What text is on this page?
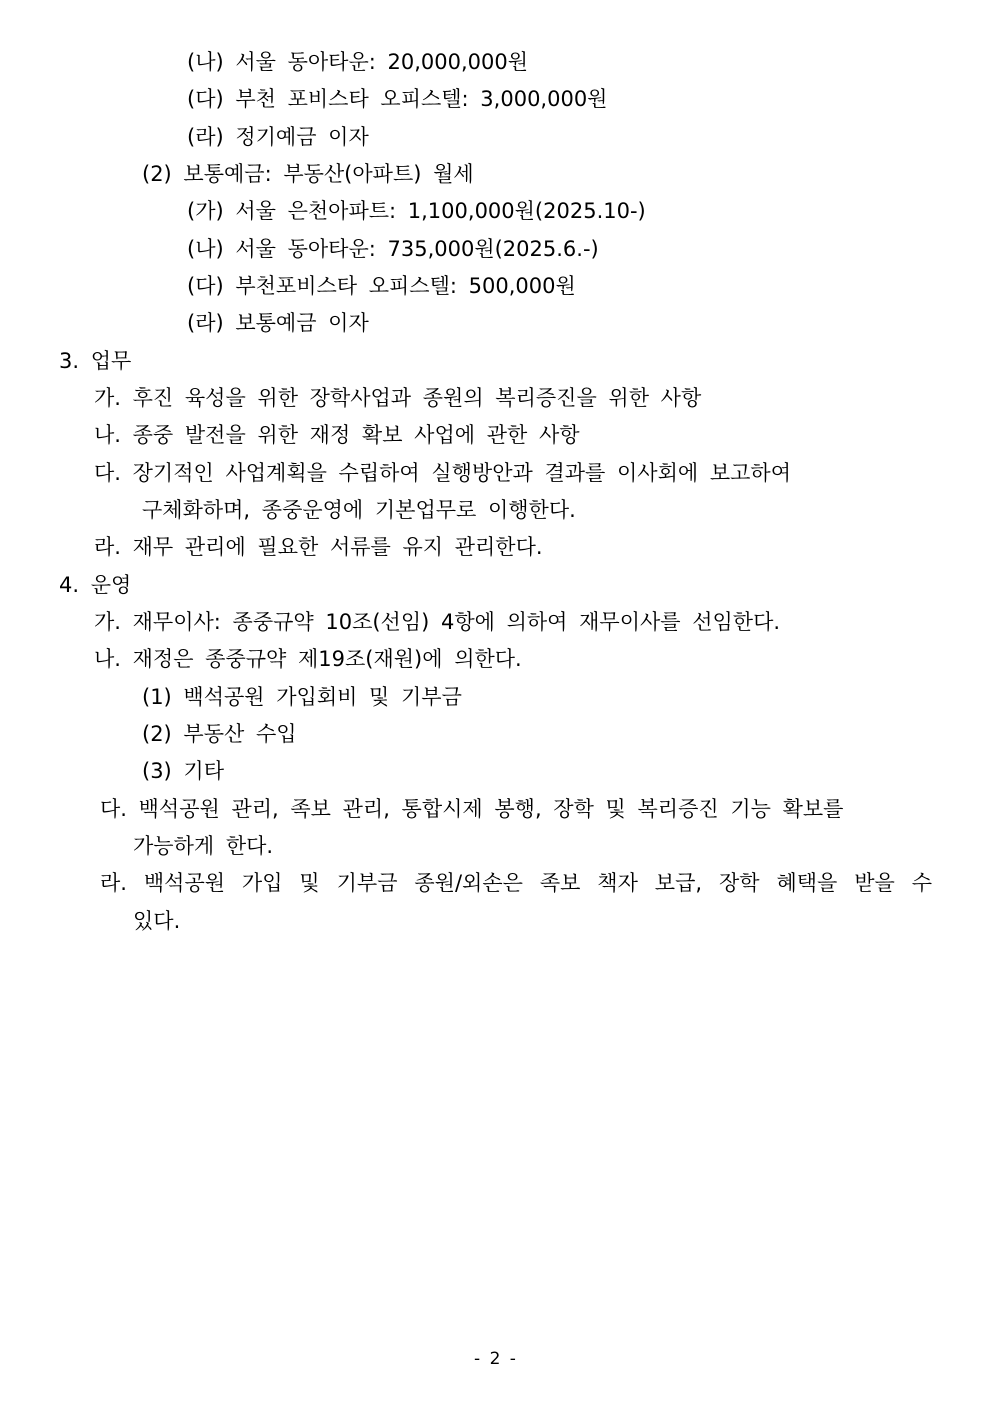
(나) 서울 동아타운: 20,000,000원

(다) 부천 포비스타 오피스텔: 3,000,000원

(라) 정기예금 이자

(2) 보통예금: 부동산(아파트) 월세

(가) 서울 은천아파트: 1,100,000원(2025.10-)

(나) 서울 동아타운: 735,000원(2025.6.-)

(다) 부천포비스타 오피스텔: 500,000원

(라) 보통예금 이자

3. 업무

가. 후진 육성을 위한 장학사업과 종원의 복리증진을 위한 사항

나. 종중 발전을 위한 재정 확보 사업에 관한 사항

다. 장기적인 사업계획을 수립하여 실행방안과 결과를 이사회에 보고하여

구체화하며, 종중운영에 기본업무로 이행한다.

라. 재무 관리에 필요한 서류를 유지 관리한다.

4. 운영

가. 재무이사: 종중규약 10조(선임) 4항에 의하여 재무이사를 선임한다.

나. 재정은 종중규약 제19조(재원)에 의한다.

(1) 백석공원 가입회비 및 기부금

(2) 부동산 수입

(3) 기타

다. 백석공원 관리, 족보 관리, 통합시제 봉행, 장학 및 복리증진 기능 확보를

가능하게 한다.

라. 백석공원 가입 및 기부금 종원/외손은 족보 책자 보급, 장학 혜택을 받을 수

있다.

- 2 -
